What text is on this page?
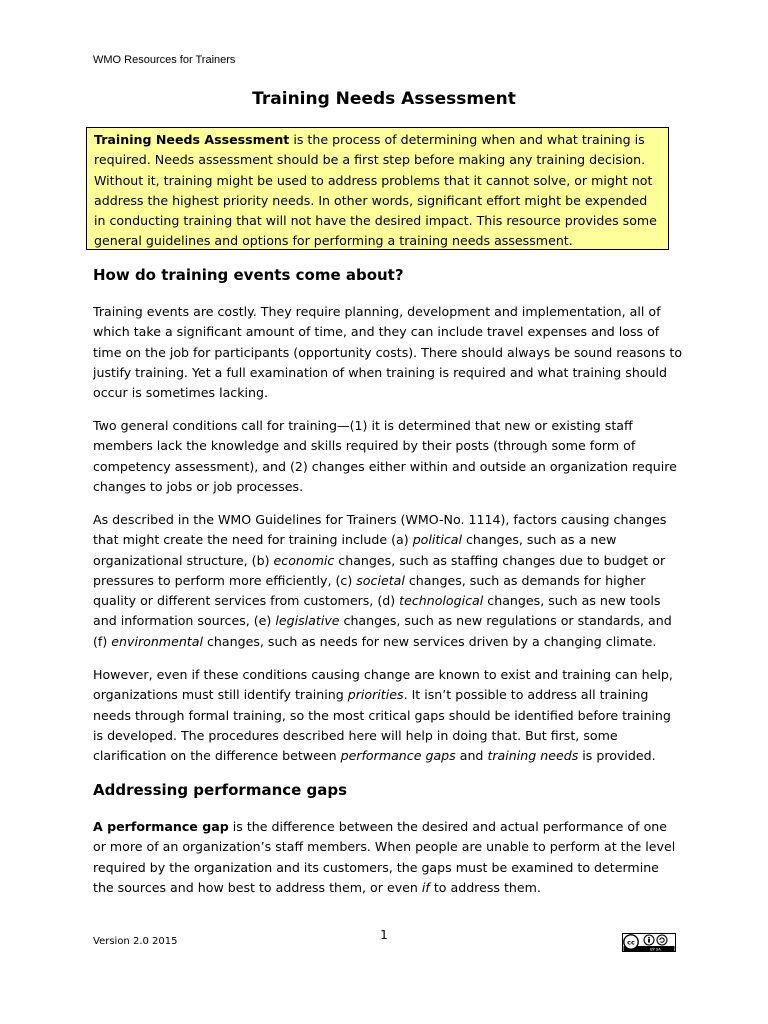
WMO Resources for Trainers
Training Needs Assessment
Training Needs Assessment is the process of determining when and what training is required. Needs assessment should be a first step before making any training decision. Without it, training might be used to address problems that it cannot solve, or might not address the highest priority needs. In other words, significant effort might be expended in conducting training that will not have the desired impact. This resource provides some general guidelines and options for performing a training needs assessment.
How do training events come about?

Training events are costly. They require planning, development and implementation, all of which take a significant amount of time, and they can include travel expenses and loss of time on the job for participants (opportunity costs). There should always be sound reasons to justify training. Yet a full examination of when training is required and what training should occur is sometimes lacking.

Two general conditions call for training—(1) it is determined that new or existing staff members lack the knowledge and skills required by their posts (through some form of competency assessment), and (2) changes either within and outside an organization require changes to jobs or job processes.

As described in the WMO Guidelines for Trainers (WMO-No. 1114), factors causing changes that might create the need for training include (a) political changes, such as a new organizational structure, (b) economic changes, such as staffing changes due to budget or pressures to perform more efficiently, (c) societal changes, such as demands for higher quality or different services from customers, (d) technological changes, such as new tools and information sources, (e) legislative changes, such as new regulations or standards, and (f) environmental changes, such as needs for new services driven by a changing climate.

However, even if these conditions causing change are known to exist and training can help, organizations must still identify training priorities. It isn’t possible to address all training needs through formal training, so the most critical gaps should be identified before training is developed. The procedures described here will help in doing that. But first, some clarification on the difference between performance gaps and training needs is provided.

Addressing performance gaps

A performance gap is the difference between the desired and actual performance of one or more of an organization’s staff members. When people are unable to perform at the level required by the organization and its customers, the gaps must be examined to determine the sources and how best to address them, or even if to address them.

Version 2.0 2015	1
cc
BY SA
